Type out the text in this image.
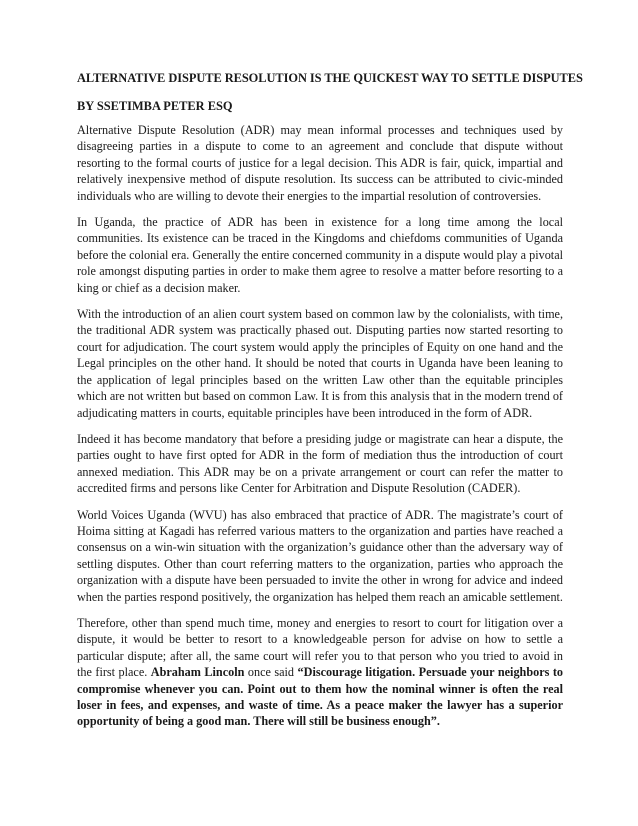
ALTERNATIVE DISPUTE RESOLUTION IS THE QUICKEST WAY TO SETTLE DISPUTES
BY SSETIMBA PETER ESQ

Alternative Dispute Resolution (ADR) may mean informal processes and techniques used by disagreeing parties in a dispute to come to an agreement and conclude that dispute without resorting to the formal courts of justice for a legal decision. This ADR is fair, quick, impartial and relatively inexpensive method of dispute resolution. Its success can be attributed to civic-minded individuals who are willing to devote their energies to the impartial resolution of controversies.

In Uganda, the practice of ADR has been in existence for a long time among the local communities. Its existence can be traced in the Kingdoms and chiefdoms communities of Uganda before the colonial era. Generally the entire concerned community in a dispute would play a pivotal role amongst disputing parties in order to make them agree to resolve a matter before resorting to a king or chief as a decision maker.

With the introduction of an alien court system based on common law by the colonialists, with time, the traditional ADR system was practically phased out. Disputing parties now started resorting to court for adjudication. The court system would apply the principles of Equity on one hand and the Legal principles on the other hand. It should be noted that courts in Uganda have been leaning to the application of legal principles based on the written Law other than the equitable principles which are not written but based on common Law. It is from this analysis that in the modern trend of adjudicating matters in courts, equitable principles have been introduced in the form of ADR.

Indeed it has become mandatory that before a presiding judge or magistrate can hear a dispute, the parties ought to have first opted for ADR in the form of mediation thus the introduction of court annexed mediation. This ADR may be on a private arrangement or court can refer the matter to accredited firms and persons like Center for Arbitration and Dispute Resolution (CADER).

World Voices Uganda (WVU) has also embraced that practice of ADR. The magistrate’s court of Hoima sitting at Kagadi has referred various matters to the organization and parties have reached a consensus on a win-win situation with the organization’s guidance other than the adversary way of settling disputes. Other than court referring matters to the organization, parties who approach the organization with a dispute have been persuaded to invite the other in wrong for advice and indeed when the parties respond positively, the organization has helped them reach an amicable settlement.

Therefore, other than spend much time, money and energies to resort to court for litigation over a dispute, it would be better to resort to a knowledgeable person for advise on how to settle a particular dispute; after all, the same court will refer you to that person who you tried to avoid in the first place. Abraham Lincoln once said “Discourage litigation. Persuade your neighbors to compromise whenever you can. Point out to them how the nominal winner is often the real loser in fees, and expenses, and waste of time. As a peace maker the lawyer has a superior opportunity of being a good man. There will still be business enough”.
